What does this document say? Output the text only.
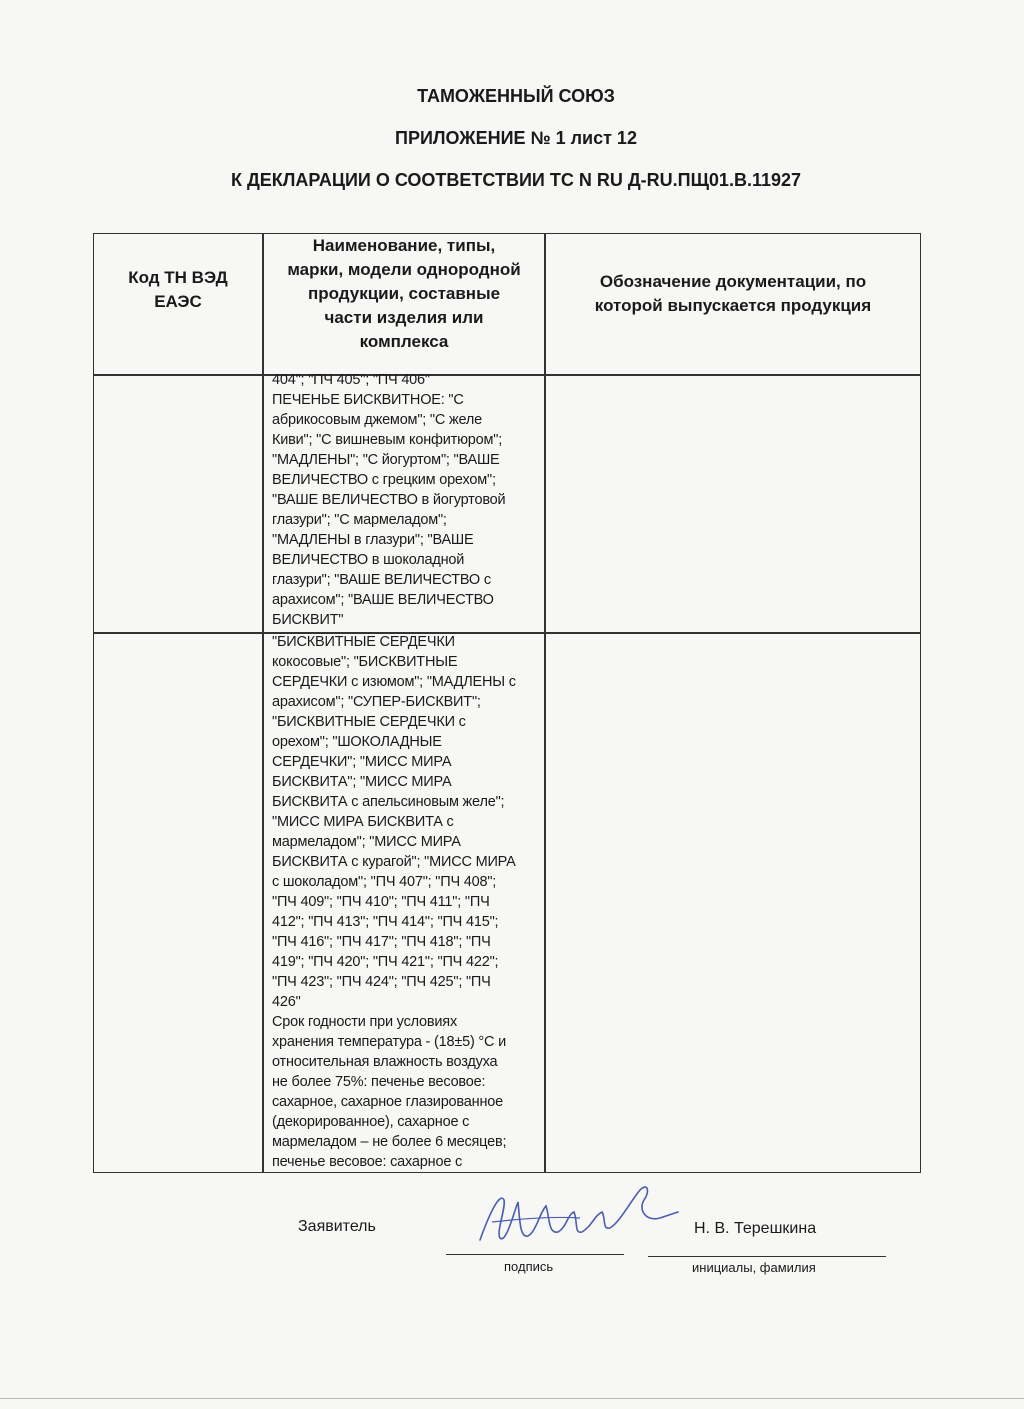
ТАМОЖЕННЫЙ СОЮЗ
ПРИЛОЖЕНИЕ № 1 лист 12
К ДЕКЛАРАЦИИ О СООТВЕТСТВИИ ТС N RU Д-RU.ПЩ01.В.11927
Код ТН ВЭД
ЕАЭС
Наименование, типы,
марки, модели однородной
продукции, составные
части изделия или
комплекса
Обозначение документации, по
которой выпускается продукция

404"; "ПЧ 405"; "ПЧ 406"
ПЕЧЕНЬЕ БИСКВИТНОЕ: "С
абрикосовым джемом"; "С желе
Киви"; "С вишневым конфитюром";
"МАДЛЕНЫ"; "С йогуртом"; "ВАШЕ
ВЕЛИЧЕСТВО с грецким орехом";
"ВАШЕ ВЕЛИЧЕСТВО в йогуртовой
глазури"; "С мармеладом";
"МАДЛЕНЫ в глазури"; "ВАШЕ
ВЕЛИЧЕСТВО в шоколадной
глазури"; "ВАШЕ ВЕЛИЧЕСТВО с
арахисом"; "ВАШЕ ВЕЛИЧЕСТВО
БИСКВИТ"

"БИСКВИТНЫЕ СЕРДЕЧКИ
кокосовые"; "БИСКВИТНЫЕ
СЕРДЕЧКИ с изюмом"; "МАДЛЕНЫ с
арахисом"; "СУПЕР-БИСКВИТ";
"БИСКВИТНЫЕ СЕРДЕЧКИ с
орехом"; "ШОКОЛАДНЫЕ
СЕРДЕЧКИ"; "МИСС МИРА
БИСКВИТА"; "МИСС МИРА
БИСКВИТА с апельсиновым желе";
"МИСС МИРА БИСКВИТА с
мармеладом"; "МИСС МИРА
БИСКВИТА с курагой"; "МИСС МИРА
с шоколадом"; "ПЧ 407"; "ПЧ 408";
"ПЧ 409"; "ПЧ 410"; "ПЧ 411"; "ПЧ
412"; "ПЧ 413"; "ПЧ 414"; "ПЧ 415";
"ПЧ 416"; "ПЧ 417"; "ПЧ 418"; "ПЧ
419"; "ПЧ 420"; "ПЧ 421"; "ПЧ 422";
"ПЧ 423"; "ПЧ 424"; "ПЧ 425"; "ПЧ
426"
Срок годности при условиях
хранения температура - (18±5) °С и
относительная влажность воздуха
не более 75%: печенье весовое:
сахарное, сахарное глазированное
(декорированное), сахарное с
мармеладом – не более 6 месяцев;
печенье весовое: сахарное с

Заявитель
подпись
Н. В. Терешкина
инициалы, фамилия
